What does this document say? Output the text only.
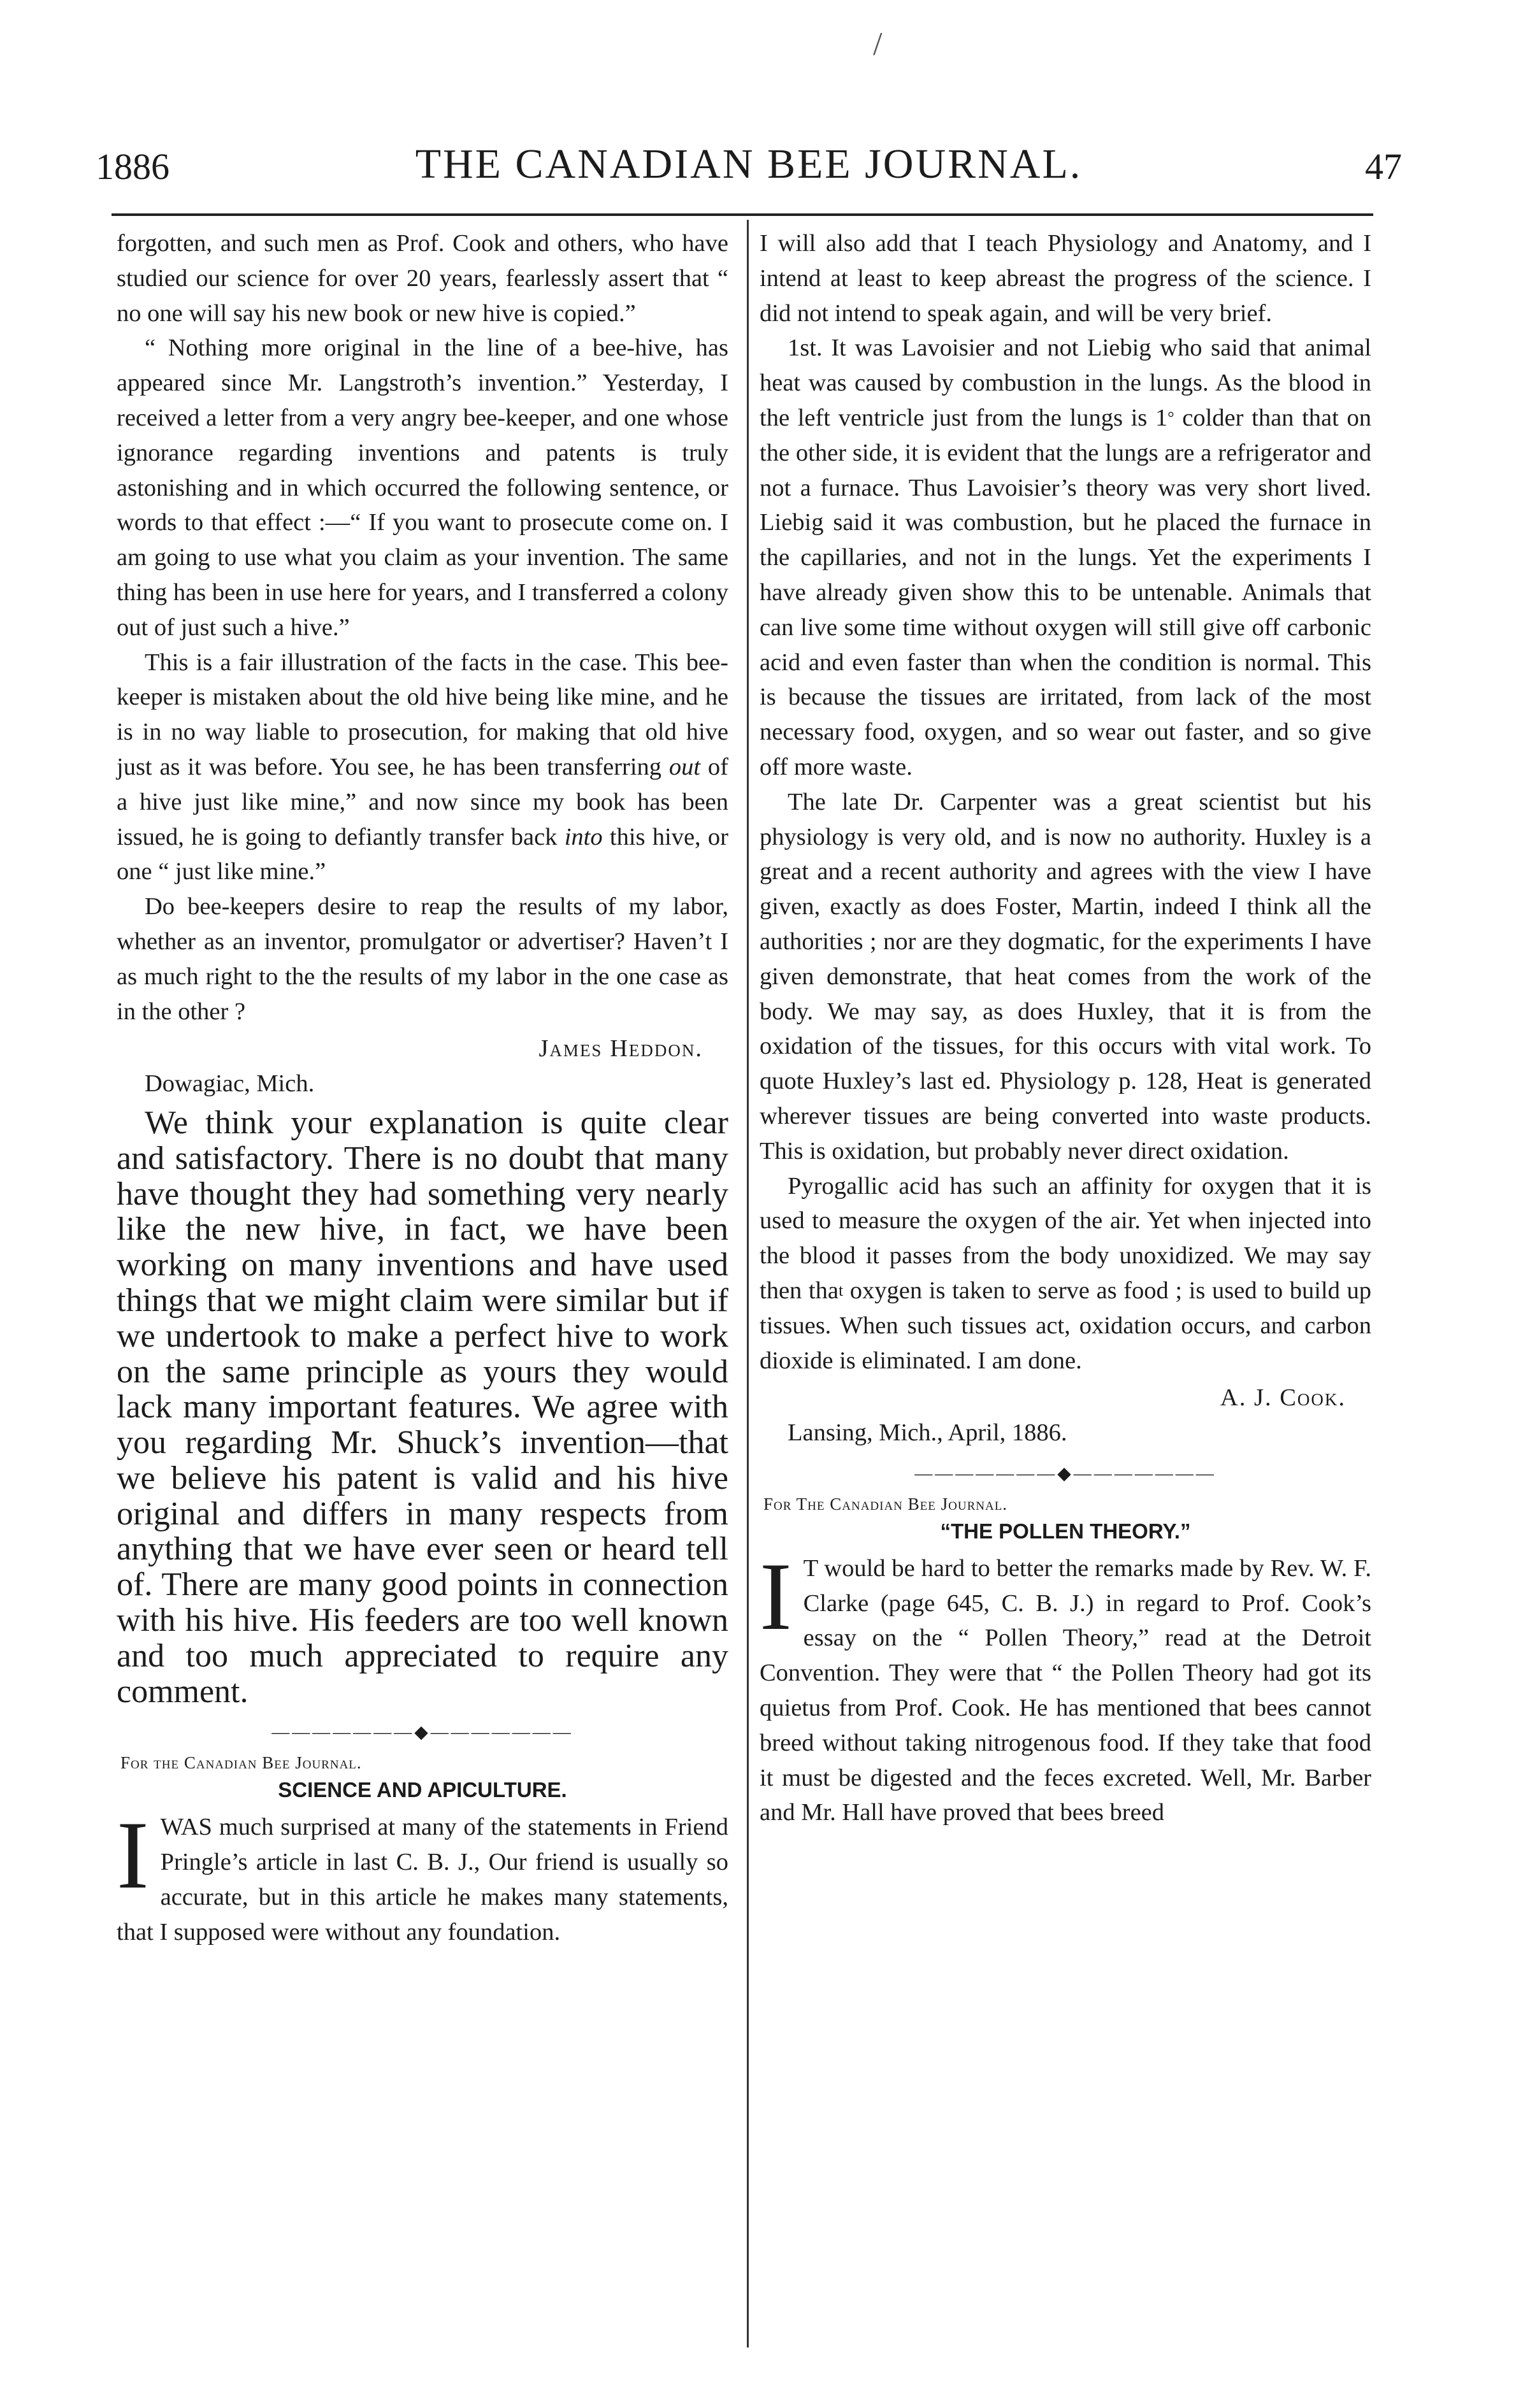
/
1886	THE CANADIAN BEE JOURNAL.	47

forgotten, and such men as Prof. Cook and others, who have studied our science for over 20 years, fearlessly assert that “ no one will say his new book or new hive is copied.”

“ Nothing more original in the line of a bee-hive, has appeared since Mr. Langstroth’s invention.” Yesterday, I received a letter from a very angry bee-keeper, and one whose ignorance regarding inventions and patents is truly astonishing and in which occurred the following sentence, or words to that effect :—“ If you want to prosecute come on. I am going to use what you claim as your invention. The same thing has been in use here for years, and I transferred a colony out of just such a hive.”

This is a fair illustration of the facts in the case. This bee-keeper is mistaken about the old hive being like mine, and he is in no way liable to prosecution, for making that old hive just as it was before. You see, he has been transferring out of a hive just like mine,” and now since my book has been issued, he is going to defiantly transfer back into this hive, or one “ just like mine.”

Do bee-keepers desire to reap the results of my labor, whether as an inventor, promulgator or advertiser? Haven’t I as much right to the the results of my labor in the one case as in the other ?

James Heddon.

Dowagiac, Mich.

We think your explanation is quite clear and satisfactory. There is no doubt that many have thought they had something very nearly like the new hive, in fact, we have been working on many inventions and have used things that we might claim were similar but if we undertook to make a perfect hive to work on the same principle as yours they would lack many important features. We agree with you regarding Mr. Shuck’s invention—that we believe his patent is valid and his hive original and differs in many respects from anything that we have ever seen or heard tell of. There are many good points in connection with his hive. His feeders are too well known and too much appreciated to require any comment.

———————◆———————
For the Canadian Bee Journal.
SCIENCE AND APICULTURE.

IWAS much surprised at many of the statements in Friend Pringle’s article in last C. B. J., Our friend is usually so accurate, but in this article he makes many statements, that I supposed were without any foundation.

I will also add that I teach Physiology and Anatomy, and I intend at least to keep abreast the progress of the science. I did not intend to speak again, and will be very brief.

1st. It was Lavoisier and not Liebig who said that animal heat was caused by combustion in the lungs. As the blood in the left ventricle just from the lungs is 1° colder than that on the other side, it is evident that the lungs are a refrigerator and not a furnace. Thus Lavoisier’s theory was very short lived. Liebig said it was combustion, but he placed the furnace in the capillaries, and not in the lungs. Yet the experiments I have already given show this to be untenable. Animals that can live some time without oxygen will still give off carbonic acid and even faster than when the condition is normal. This is because the tissues are irritated, from lack of the most necessary food, oxygen, and so wear out faster, and so give off more waste.

The late Dr. Carpenter was a great scientist but his physiology is very old, and is now no authority. Huxley is a great and a recent authority and agrees with the view I have given, exactly as does Foster, Martin, indeed I think all the authorities ; nor are they dogmatic, for the experiments I have given demonstrate, that heat comes from the work of the body. We may say, as does Huxley, that it is from the oxidation of the tissues, for this occurs with vital work. To quote Huxley’s last ed. Physiology p. 128, Heat is generated wherever tissues are being converted into waste products. This is oxidation, but probably never direct oxidation.

Pyrogallic acid has such an affinity for oxygen that it is used to measure the oxygen of the air. Yet when injected into the blood it passes from the body unoxidized. We may say then tha$^t$ oxygen is taken to serve as food ; is used to build up tissues. When such tissues act, oxidation occurs, and carbon dioxide is eliminated. I am done.

A. J. Cook.

Lansing, Mich., April, 1886.

———————◆———————
For The Canadian Bee Journal.
“THE POLLEN THEORY.”

I T would be hard to better the remarks made by Rev. W. F. Clarke (page 645, C. B. J.) in regard to Prof. Cook’s essay on the “ Pollen Theory,” read at the Detroit Convention. They were that “ the Pollen Theory had got its quietus from Prof. Cook. He has mentioned that bees cannot breed without taking nitrogenous food. If they take that food it must be digested and the feces excreted. Well, Mr. Barber and Mr. Hall have proved that bees breed
